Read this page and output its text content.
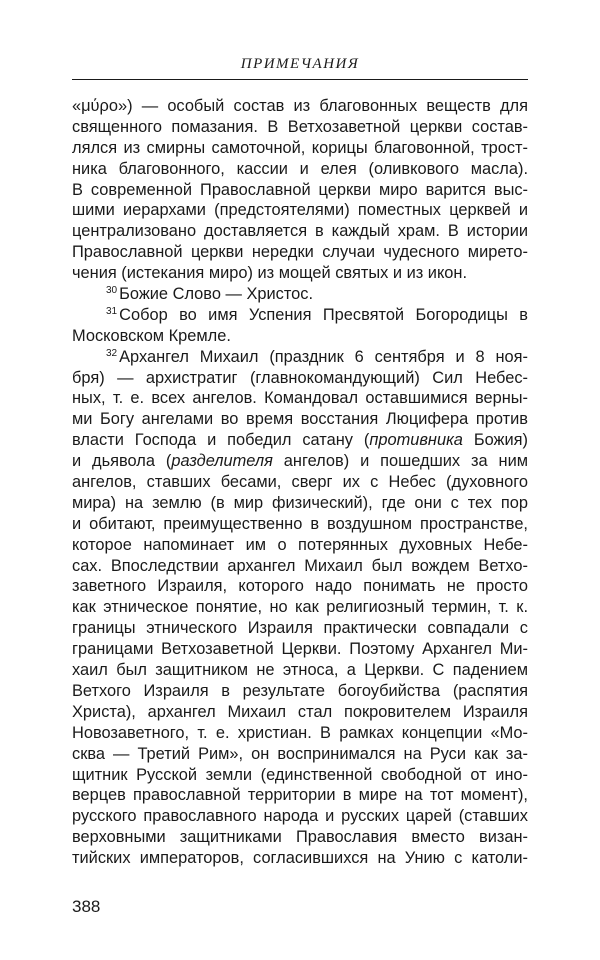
ПРИМЕЧАНИЯ
«μύρο») — особый состав из благовонных веществ для
священного помазания. В Ветхозаветной церкви состав-
лялся из смирны самоточной, корицы благовонной, трост-
ника благовонного, кассии и елея (оливкового масла).
В современной Православной церкви миро варится выс-
шими иерархами (предстоятелями) поместных церквей и
централизовано доставляется в каждый храм. В истории
Православной церкви нередки случаи чудесного миретo-
чения (истекания миро) из мощей святых и из икон.
$^{30}$ Божие Слово — Христос.
$^{31}$ Собор во имя Успения Пресвятой Богородицы в
Московском Кремле.
$^{32}$ Архангел Михаил (праздник 6 сентября и 8 ноя-
бря) — архистратиг (главнокомандующий) Сил Небес-
ных, т. е. всех ангелов. Командовал оставшимися верны-
ми Богу ангелами во время восстания Люцифера против
власти Господа и победил сатану (противника Божия)
и дьявола (разделителя ангелов) и пошедших за ним
ангелов, ставших бесами, сверг их с Небес (духовного
мира) на землю (в мир физический), где они с тех пор
и обитают, преимущественно в воздушном пространстве,
которое напоминает им о потерянных духовных Небе-
сах. Впоследствии архангел Михаил был вождем Ветхо-
заветного Израиля, которого надо понимать не просто
как этническое понятие, но как религиозный термин, т. к.
границы этнического Израиля практически совпадали с
границами Ветхозаветной Церкви. Поэтому Архангел Ми-
хаил был защитником не этноса, а Церкви. С падением
Ветхого Израиля в результате богоубийства (распятия
Христа), архангел Михаил стал покровителем Израиля
Новозаветного, т. е. христиан. В рамках концепции «Мо-
сква — Третий Рим», он воспринимался на Руси как за-
щитник Русской земли (единственной свободной от ино-
верцев православной территории в мире на тот момент),
русского православного народа и русских царей (ставших
верховными защитниками Православия вместо визан-
тийских императоров, согласившихся на Унию с католи-
388
